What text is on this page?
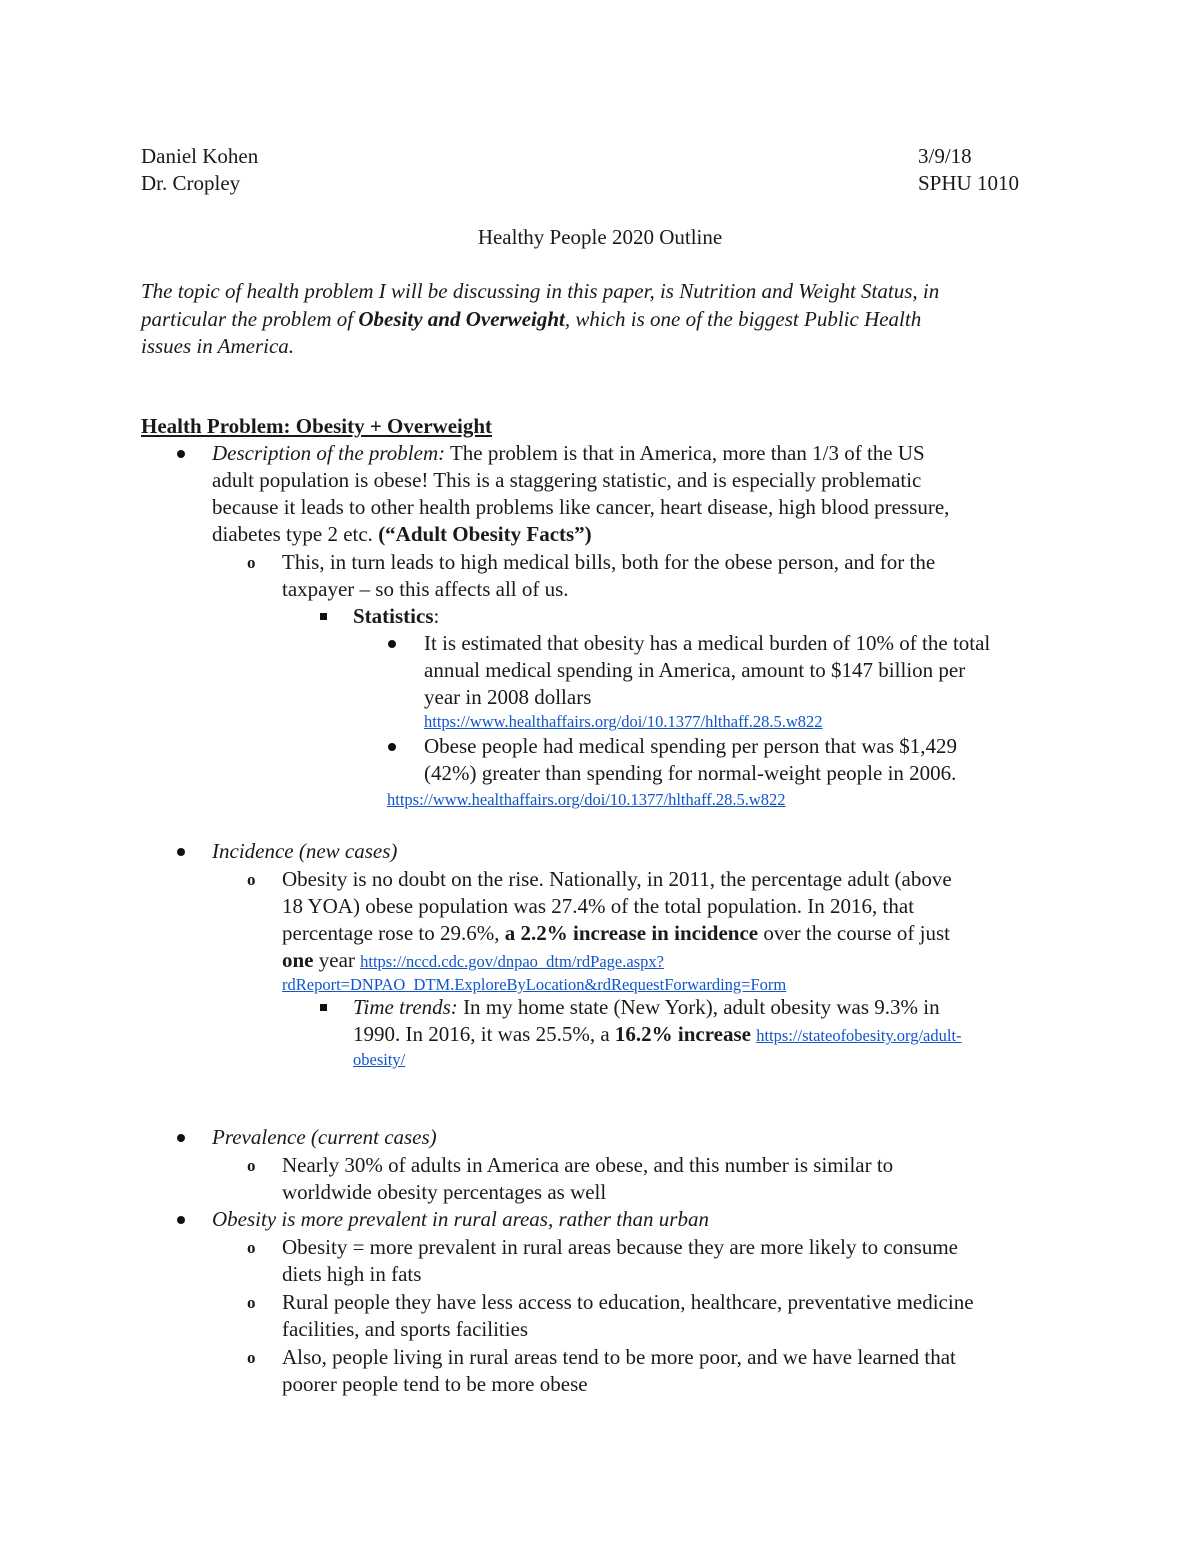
Daniel Kohen	3/9/18
Dr. Cropley	SPHU 1010
Healthy People 2020 Outline
The topic of health problem I will be discussing in this paper, is Nutrition and Weight Status, in
particular the problem of Obesity and Overweight, which is one of the biggest Public Health
issues in America.
Health Problem: Obesity + Overweight
Description of the problem: The problem is that in America, more than 1/3 of the US
adult population is obese! This is a staggering statistic, and is especially problematic
because it leads to other health problems like cancer, heart disease, high blood pressure,
diabetes type 2 etc. (“Adult Obesity Facts”)
o This, in turn leads to high medical bills, both for the obese person, and for the
taxpayer – so this affects all of us.
Statistics:
It is estimated that obesity has a medical burden of 10% of the total
annual medical spending in America, amount to $147 billion per
year in 2008 dollars
https://www.healthaffairs.org/doi/10.1377/hlthaff.28.5.w822
Obese people had medical spending per person that was $1,429
(42%) greater than spending for normal-weight people in 2006.
https://www.healthaffairs.org/doi/10.1377/hlthaff.28.5.w822
Incidence (new cases)
o Obesity is no doubt on the rise. Nationally, in 2011, the percentage adult (above
18 YOA) obese population was 27.4% of the total population. In 2016, that
percentage rose to 29.6%, a 2.2% increase in incidence over the course of just
one year https://nccd.cdc.gov/dnpao_dtm/rdPage.aspx?
rdReport=DNPAO_DTM.ExploreByLocation&rdRequestForwarding=Form
Time trends: In my home state (New York), adult obesity was 9.3% in
1990. In 2016, it was 25.5%, a 16.2% increase https://stateofobesity.org/adult-
obesity/
Prevalence (current cases)
o Nearly 30% of adults in America are obese, and this number is similar to
worldwide obesity percentages as well
Obesity is more prevalent in rural areas, rather than urban
o Obesity = more prevalent in rural areas because they are more likely to consume
diets high in fats
o Rural people they have less access to education, healthcare, preventative medicine
facilities, and sports facilities
o Also, people living in rural areas tend to be more poor, and we have learned that
poorer people tend to be more obese
